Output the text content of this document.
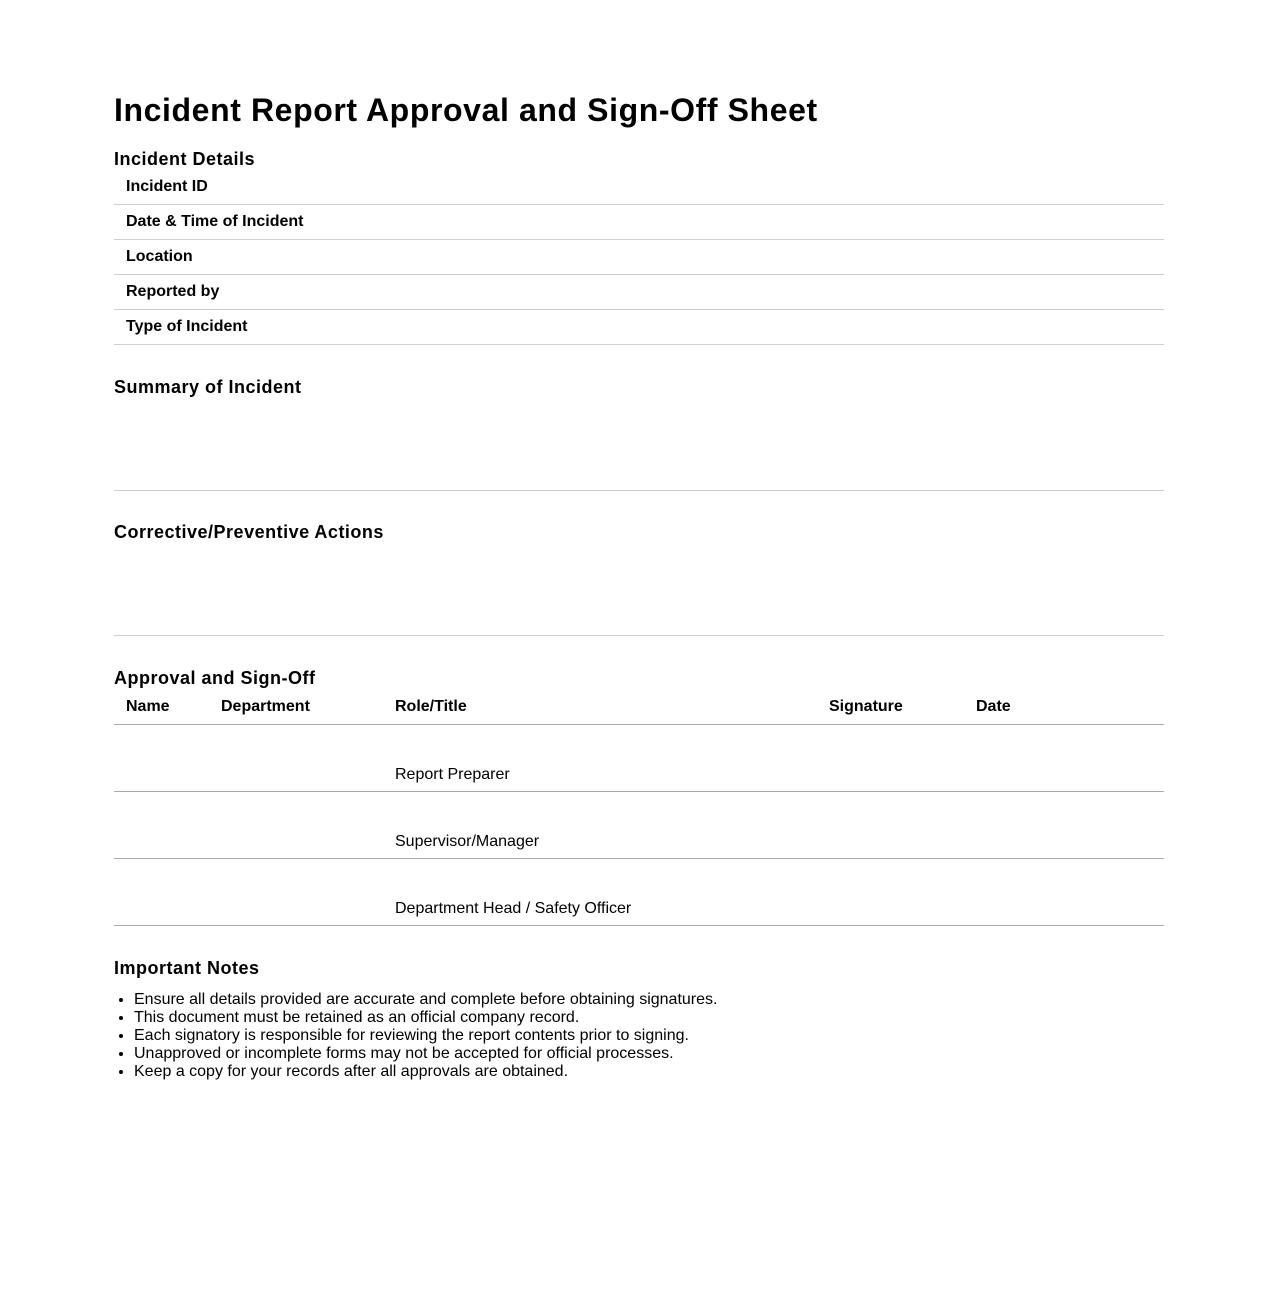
Incident Report Approval and Sign-Off Sheet
Incident Details
Incident ID
Date & Time of Incident
Location
Reported by
Type of Incident
Summary of Incident
Corrective/Preventive Actions
Approval and Sign-Off
Name	Department	Role/Title	Signature	Date
		Report Preparer		
		Supervisor/Manager		
		Department Head / Safety Officer		
Important Notes
• Ensure all details provided are accurate and complete before obtaining signatures.
• This document must be retained as an official company record.
• Each signatory is responsible for reviewing the report contents prior to signing.
• Unapproved or incomplete forms may not be accepted for official processes.
• Keep a copy for your records after all approvals are obtained.
